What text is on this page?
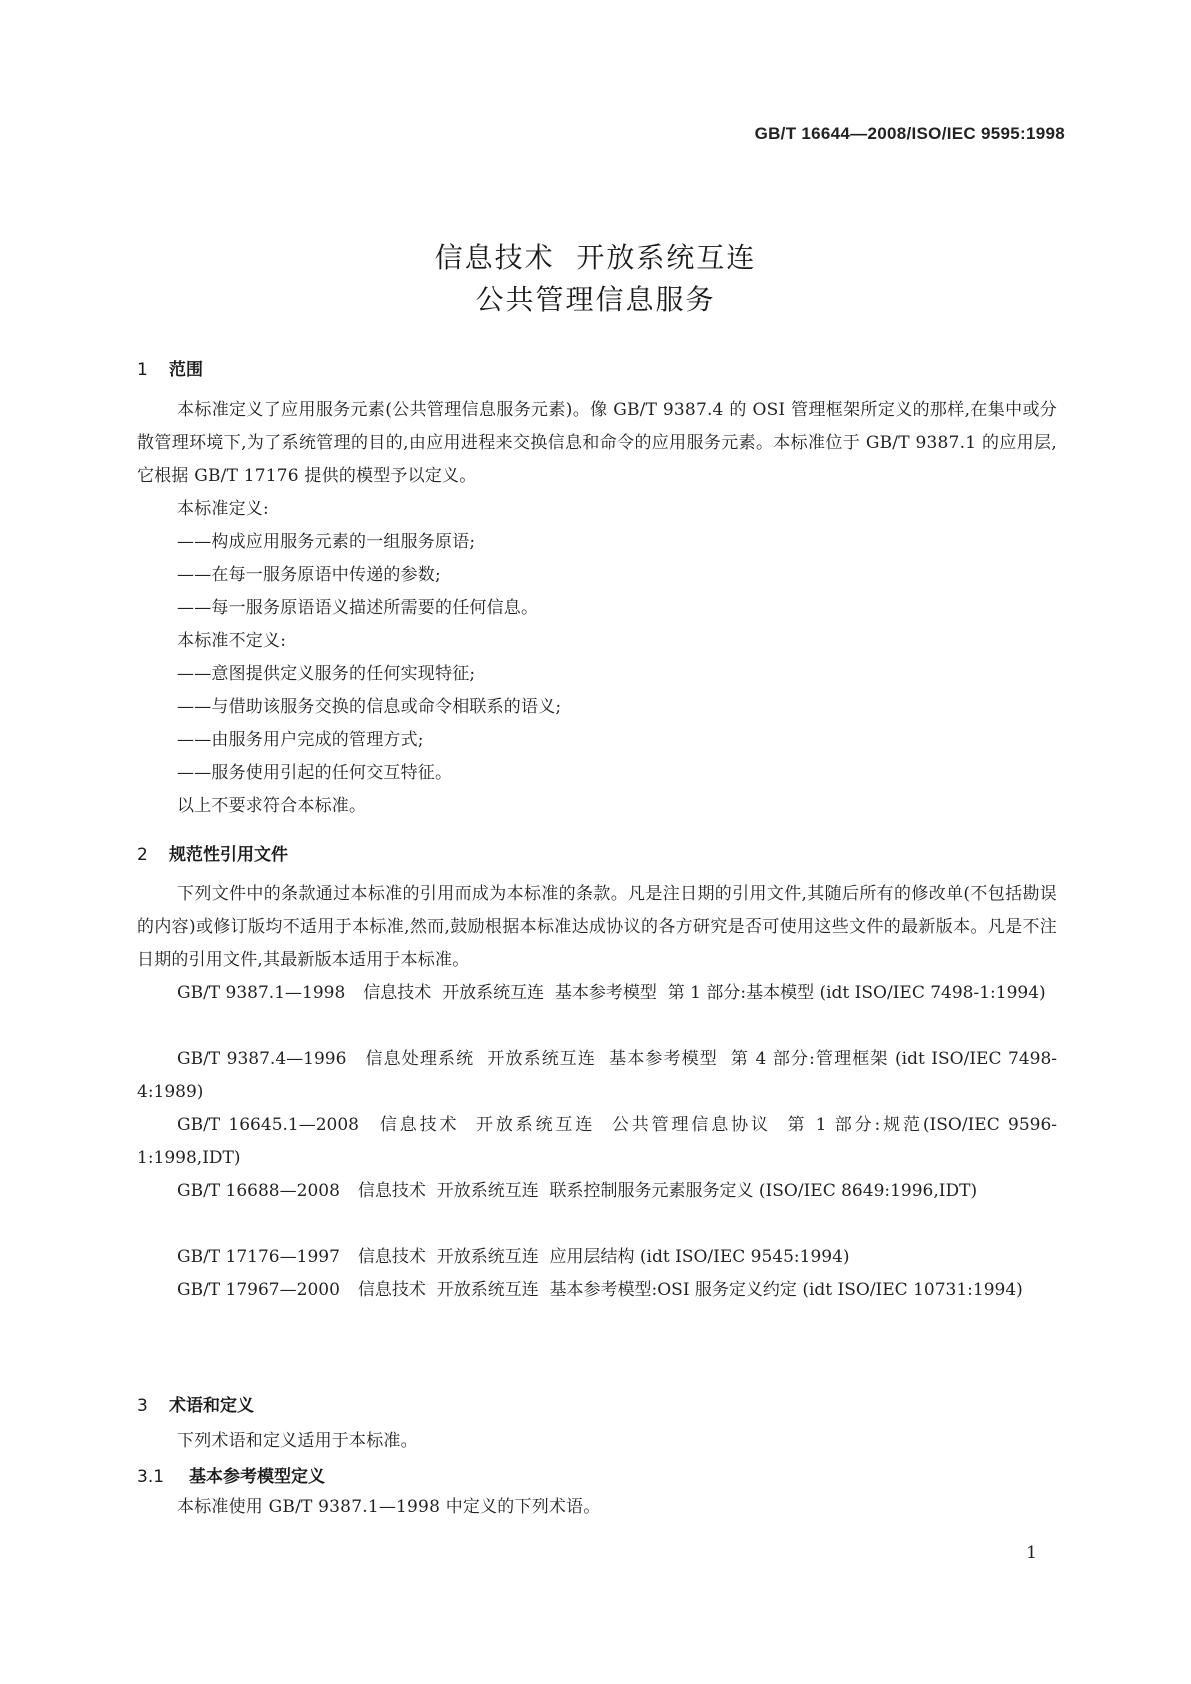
GB/T 16644—2008/ISO/IEC 9595:1998
信息技术  开放系统互连
公共管理信息服务
1 范围
本标准定义了应用服务元素(公共管理信息服务元素)。像 GB/T 9387.4 的 OSI 管理框架所定义的那样,在集中或分散管理环境下,为了系统管理的目的,由应用进程来交换信息和命令的应用服务元素。本标准位于 GB/T 9387.1 的应用层,它根据 GB/T 17176 提供的模型予以定义。
本标准定义:
——构成应用服务元素的一组服务原语;
——在每一服务原语中传递的参数;
——每一服务原语语义描述所需要的任何信息。
本标准不定义:
——意图提供定义服务的任何实现特征;
——与借助该服务交换的信息或命令相联系的语义;
——由服务用户完成的管理方式;
——服务使用引起的任何交互特征。
以上不要求符合本标准。
2 规范性引用文件
下列文件中的条款通过本标准的引用而成为本标准的条款。凡是注日期的引用文件,其随后所有的修改单(不包括勘误的内容)或修订版均不适用于本标准,然而,鼓励根据本标准达成协议的各方研究是否可使用这些文件的最新版本。凡是不注日期的引用文件,其最新版本适用于本标准。
GB/T 9387.1—1998 信息技术  开放系统互连  基本参考模型  第 1 部分:基本模型 (idt ISO/IEC 7498-1:1994)
GB/T 9387.4—1996 信息处理系统  开放系统互连  基本参考模型  第 4 部分:管理框架 (idt ISO/IEC 7498-4:1989)
GB/T 16645.1—2008 信息技术  开放系统互连  公共管理信息协议  第 1 部分:规范(ISO/IEC 9596-1:1998,IDT)
GB/T 16688—2008 信息技术  开放系统互连  联系控制服务元素服务定义 (ISO/IEC 8649:1996,IDT)
GB/T 17176—1997 信息技术  开放系统互连  应用层结构 (idt ISO/IEC 9545:1994)
GB/T 17967—2000 信息技术  开放系统互连  基本参考模型:OSI 服务定义约定 (idt ISO/IEC 10731:1994)
3 术语和定义
下列术语和定义适用于本标准。
3.1 基本参考模型定义
本标准使用 GB/T 9387.1—1998 中定义的下列术语。
1
